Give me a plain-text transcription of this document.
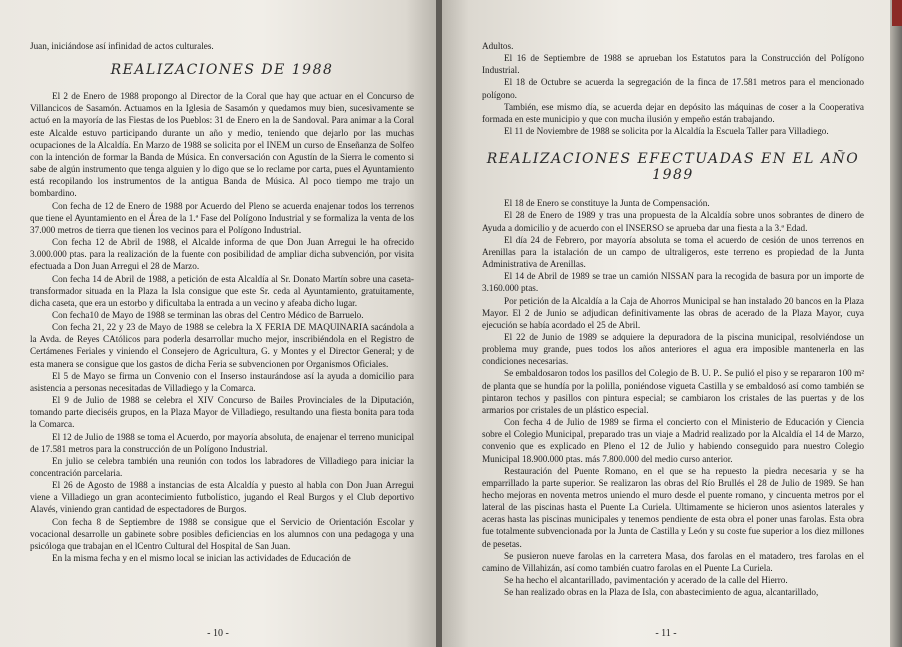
Juan, iniciándose así infinidad de actos culturales.

REALIZACIONES DE 1988

El 2 de Enero de 1988 propongo al Director de la Coral que hay que actuar en el Concurso de Villancicos de Sasamón. Actuamos en la Iglesia de Sasamón y quedamos muy bien, sucesivamente se actuó en la mayoría de las Fiestas de los Pueblos: 31 de Enero en la de Sandoval. Para animar a la Coral este Alcalde estuvo participando durante un año y medio, teniendo que dejarlo por las muchas ocupaciones de la Alcaldía. En Marzo de 1988 se solicita por el INEM un curso de Enseñanza de Solfeo con la intención de formar la Banda de Música. En conversación con Agustín de la Sierra le comento si sabe de algún instrumento que tenga alguien y lo digo que se lo reclame por carta, pues el Ayuntamiento está recopilando los instrumentos de la antigua Banda de Música. Al poco tiempo me trajo un bombardino.

Con fecha de 12 de Enero de 1988 por Acuerdo del Pleno se acuerda enajenar todos los terrenos que tiene el Ayuntamiento en el Área de la 1.ª Fase del Polígono Industrial y se formaliza la venta de los 37.000 metros de tierra que tienen los vecinos para el Polígono Industrial.

Con fecha 12 de Abril de 1988, el Alcalde informa de que Don Juan Arregui le ha ofrecido 3.000.000 ptas. para la realización de la fuente con posibilidad de ampliar dicha subvención, por visita efectuada a Don Juan Arregui el 28 de Marzo.

Con fecha 14 de Abril de 1988, a petición de esta Alcaldía al Sr. Donato Martín sobre una caseta-transformador situada en la Plaza la Isla consigue que este Sr. ceda al Ayuntamiento, gratuitamente, dicha caseta, que era un estorbo y dificultaba la entrada a un vecino y afeaba dicho lugar.

Con fecha10 de Mayo de 1988 se terminan las obras del Centro Médico de Barruelo.

Con fecha 21, 22 y 23 de Mayo de 1988 se celebra la X FERIA DE MAQUINARIA sacándola a la Avda. de Reyes CAtólicos para poderla desarrollar mucho mejor, inscribiéndola en el Registro de Certámenes Feriales y viniendo el Consejero de Agricultura, G. y Montes y el Director General; y de esta manera se consigue que los gastos de dicha Feria se subvencionen por Organismos Oficiales.

El 5 de Mayo se firma un Convenio con el Inserso instaurándose así la ayuda a domicilio para asistencia a personas necesitadas de Villadiego y la Comarca.

El 9 de Julio de 1988 se celebra el XIV Concurso de Bailes Provinciales de la Diputación, tomando parte dieciséis grupos, en la Plaza Mayor de Villadiego, resultando una fiesta bonita para toda la Comarca.

El 12 de Julio de 1988 se toma el Acuerdo, por mayoría absoluta, de enajenar el terreno municipal de 17.581 metros para la construcción de un Polígono Industrial.

En julio se celebra también una reunión con todos los labradores de Villadiego para iniciar la concentración parcelaria.

El 26 de Agosto de 1988 a instancias de esta Alcaldía y puesto al habla con Don Juan Arregui viene a Villadiego un gran acontecimiento futbolístico, jugando el Real Burgos y el Club deportivo Alavés, viniendo gran cantidad de espectadores de Burgos.

Con fecha 8 de Septiembre de 1988 se consigue que el Servicio de Orientación Escolar y vocacional desarrolle un gabinete sobre posibles deficiencias en los alumnos con una pedagoga y una psicóloga que trabajan en el lCentro Cultural del Hospital de San Juan.

En la misma fecha y en el mismo local se inician las actividades de Educación de

- 10 -

Adultos.

El 16 de Septiembre de 1988 se aprueban los Estatutos para la Construcción del Polígono Industrial.

El 18 de Octubre se acuerda la segregación de la finca de 17.581 metros para el mencionado polígono.

También, ese mismo día, se acuerda dejar en depósito las máquinas de coser a la Cooperativa formada en este municipio y que con mucha ilusión y empeño están trabajando.

El 11 de Noviembre de 1988 se solicita por la Alcaldía la Escuela Taller para Villadiego.

REALIZACIONES EFECTUADAS EN EL AÑO 1989

El 18 de Enero se constituye la Junta de Compensación.

El 28 de Enero de 1989 y tras una propuesta de la Alcaldía sobre unos sobrantes de dinero de Ayuda a domicilio y de acuerdo con el INSERSO se aprueba dar una fiesta a la 3.ª Edad.

El día 24 de Febrero, por mayoría absoluta se toma el acuerdo de cesión de unos terrenos en Arenillas para la istalación de un campo de ultraligeros, este terreno es propiedad de la Junta Administrativa de Arenillas.

El 14 de Abril de 1989 se trae un camión NISSAN para la recogida de basura por un importe de 3.160.000 ptas.

Por petición de la Alcaldía a la Caja de Ahorros Municipal se han instalado 20 bancos en la Plaza Mayor. El 2 de Junio se adjudican definitivamente las obras de acerado de la Plaza Mayor, cuya ejecución se había acordado el 25 de Abril.

El 22 de Junio de 1989 se adquiere la depuradora de la piscina municipal, resolviéndose un problema muy grande, pues todos los años anteriores el agua era imposible mantenerla en las condiciones necesarias.

Se embaldosaron todos los pasillos del Colegio de B. U. P.. Se pulió el piso y se repararon 100 m² de planta que se hundía por la polilla, poniéndose vigueta Castilla y se embaldosó así como también se pintaron techos y pasillos con pintura especial; se cambiaron los cristales de las puertas y de los armarios por cristales de un plástico especial.

Con fecha 4 de Julio de 1989 se firma el concierto con el Ministerio de Educación y Ciencia sobre el Colegio Municipal, preparado tras un viaje a Madrid realizado por la Alcaldía el 14 de Marzo, convenio que es explicado en Pleno el 12 de Julio y habiendo conseguido para nuestro Colegio Municipal 18.900.000 ptas. más 7.800.000 del medio curso anterior.

Restauración del Puente Romano, en el que se ha repuesto la piedra necesaria y se ha emparrillado la parte superior. Se realizaron las obras del Río Brullés el 28 de Julio de 1989. Se han hecho mejoras en noventa metros uniendo el muro desde el puente romano, y cincuenta metros por el lateral de las piscinas hasta el Puente La Curiela. Ultimamente se hicieron unos asientos laterales y aceras hasta las piscinas municipales y tenemos pendiente de esta obra el poner unas farolas. Esta obra fue totalmente subvencionada por la Junta de Castilla y León y su coste fue superior a los diez millones de pesetas.

Se pusieron nueve farolas en la carretera Masa, dos farolas en el matadero, tres farolas en el camino de Villahizán, así como también cuatro farolas en el Puente La Curiela.

Se ha hecho el alcantarillado, pavimentación y acerado de la calle del Hierro.

Se han realizado obras en la Plaza de Isla, con abastecimiento de agua, alcantarillado,

- 11 -
